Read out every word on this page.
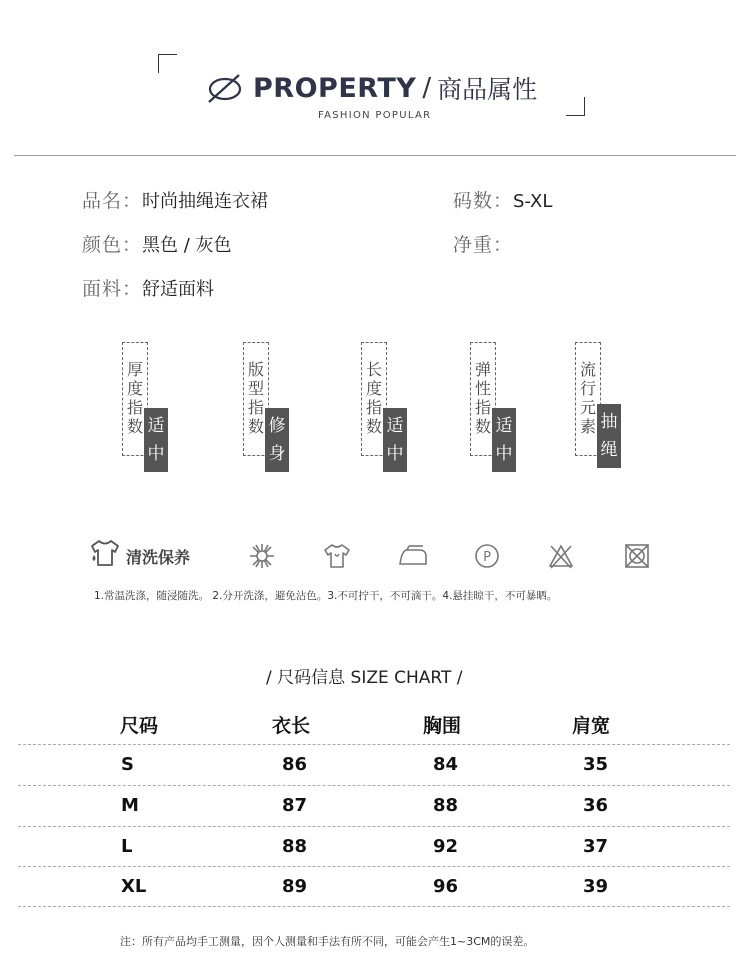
PROPERTY / 商品属性
FASHION POPULAR
品名：时尚抽绳连衣裙	码数：S-XL
颜色：黑色 / 灰色	净重：
面料：舒适面料
厚度指数 适中
版型指数 修身
长度指数 适中
弹性指数 适中
流行元素 抽绳
清洗保养	P
1.常温洗涤，随浸随洗。 2.分开洗涤，避免沾色。3.不可拧干，不可滴干。4.悬挂晾干，不可暴晒。
/ 尺码信息 SIZE CHART /
尺码	衣长	胸围	肩宽
S	86	84	35
M	87	88	36
L	88	92	37
XL	89	96	39
注：所有产品均手工测量，因个人测量和手法有所不同，可能会产生1~3CM的误差。
